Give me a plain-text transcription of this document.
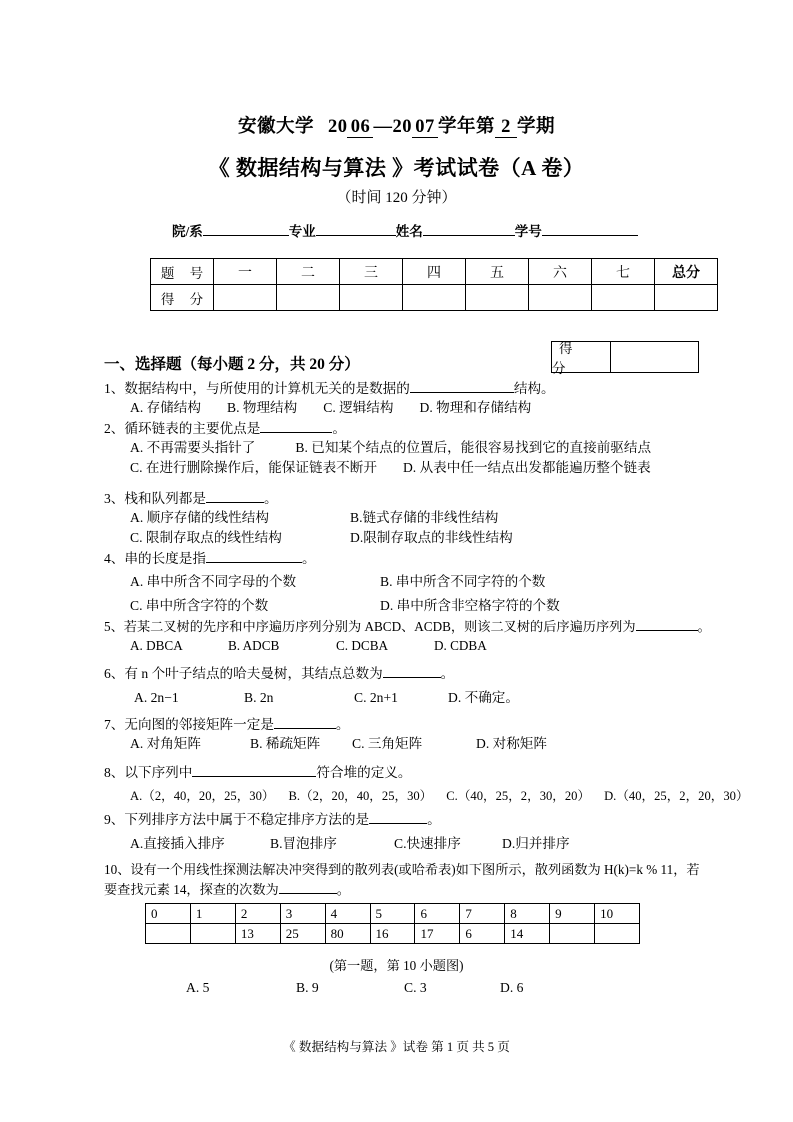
安徽大学 20 06 —20 07 学年第 2 学期
《 数据结构与算法 》考试试卷（A 卷）
（时间 120 分钟）
院/系	专业	姓名	学号
题 号	一	二	三	四	五	六	七	总分
得 分								
得 分
一、选择题（每小题 2 分，共 20 分）
1、数据结构中，与所使用的计算机无关的是数据的	结构。
A. 存储结构 B. 物理结构 C. 逻辑结构 D. 物理和存储结构
2、循环链表的主要优点是	。
A. 不再需要头指针了	B. 已知某个结点的位置后，能很容易找到它的直接前驱结点
C. 在进行删除操作后，能保证链表不断开 D. 从表中任一结点出发都能遍历整个链表
3、栈和队列都是	。
A. 顺序存储的线性结构	B.链式存储的非线性结构
C. 限制存取点的线性结构	D.限制存取点的非线性结构
4、串的长度是指	。
A. 串中所含不同字母的个数	B. 串中所含不同字符的个数
C. 串中所含字符的个数	D. 串中所含非空格字符的个数
5、若某二叉树的先序和中序遍历序列分别为 ABCD、ACDB，则该二叉树的后序遍历序列为	。
A. DBCA	B. ADCB	C. DCBA	D. CDBA
6、有 n 个叶子结点的哈夫曼树，其结点总数为	。
A. 2n−1	B. 2n	C. 2n+1	D. 不确定。
7、无向图的邻接矩阵一定是	。
A. 对角矩阵	B. 稀疏矩阵 C. 三角矩阵	D. 对称矩阵
8、以下序列中	符合堆的定义。
A.（2，40，20，25，30） B.（2，20，40，25，30） C.（40，25，2，30，20） D.（40，25，2，20，30）
9、下列排序方法中属于不稳定排序方法的是	。
A.直接插入排序	B.冒泡排序	C.快速排序	D.归并排序
10、设有一个用线性探测法解决冲突得到的散列表(或哈希表)如下图所示，散列函数为 H(k)=k % 11，若
要查找元素 14，探查的次数为	。
0	1	2	3	4	5	6	7	8	9	10
		13	25	80	16	17	6	14		
(第一题，第 10 小题图)
A. 5	B. 9	C. 3	D. 6
《 数据结构与算法 》试卷 第 1 页 共 5 页
